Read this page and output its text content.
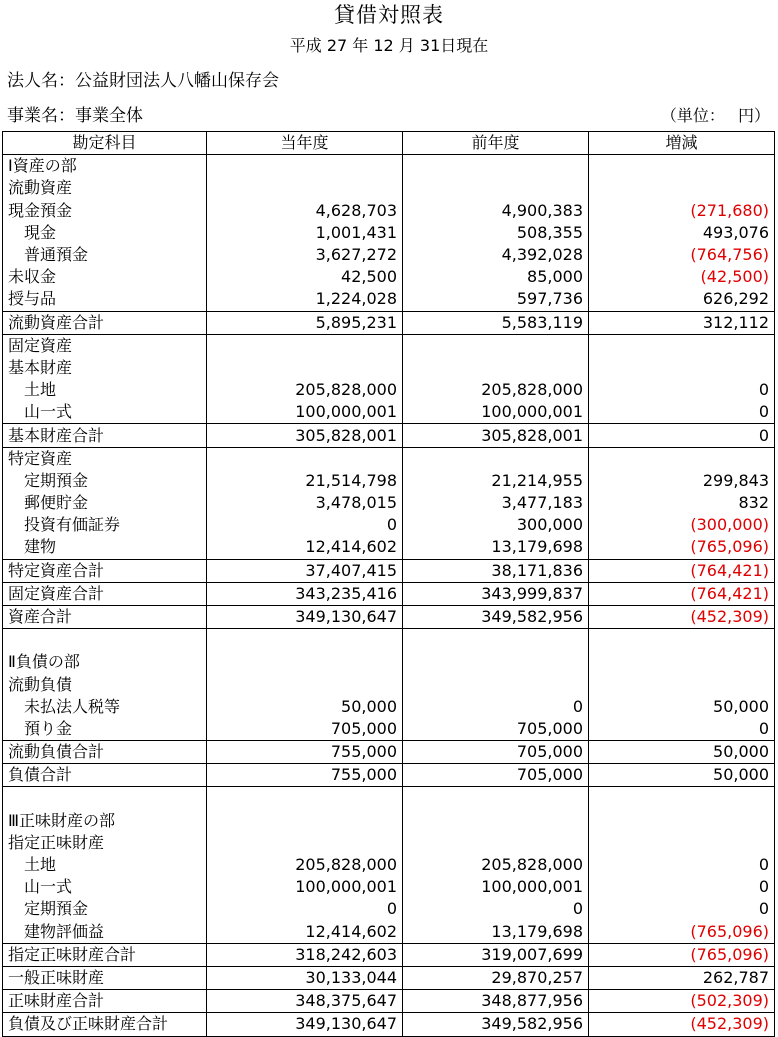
貸借対照表
平成 27 年 12 月 31日現在
法人名：公益財団法人八幡山保存会
事業名：事業全体	（単位：　 円）
勘定科目	当年度	前年度	増減
Ⅰ資産の部			
流動資産			
現金預金	4,628,703	4,900,383	(271,680)
　現金	1,001,431	508,355	493,076
　普通預金	3,627,272	4,392,028	(764,756)
未収金	42,500	85,000	(42,500)
授与品	1,224,028	597,736	626,292
流動資産合計	5,895,231	5,583,119	312,112
固定資産			
基本財産			
　土地	205,828,000	205,828,000	0
　山一式	100,000,001	100,000,001	0
基本財産合計	305,828,001	305,828,001	0
特定資産			
　定期預金	21,514,798	21,214,955	299,843
　郵便貯金	3,478,015	3,477,183	832
　投資有価証券	0	300,000	(300,000)
　建物	12,414,602	13,179,698	(765,096)
特定資産合計	37,407,415	38,171,836	(764,421)
固定資産合計	343,235,416	343,999,837	(764,421)
資産合計	349,130,647	349,582,956	(452,309)

Ⅱ負債の部			
流動負債			
　未払法人税等	50,000	0	50,000
　預り金	705,000	705,000	0
流動負債合計	755,000	705,000	50,000
負債合計	755,000	705,000	50,000

Ⅲ正味財産の部			
指定正味財産			
　土地	205,828,000	205,828,000	0
　山一式	100,000,001	100,000,001	0
　定期預金	0	0	0
　建物評価益	12,414,602	13,179,698	(765,096)
指定正味財産合計	318,242,603	319,007,699	(765,096)
一般正味財産	30,133,044	29,870,257	262,787
正味財産合計	348,375,647	348,877,956	(502,309)
負債及び正味財産合計	349,130,647	349,582,956	(452,309)
